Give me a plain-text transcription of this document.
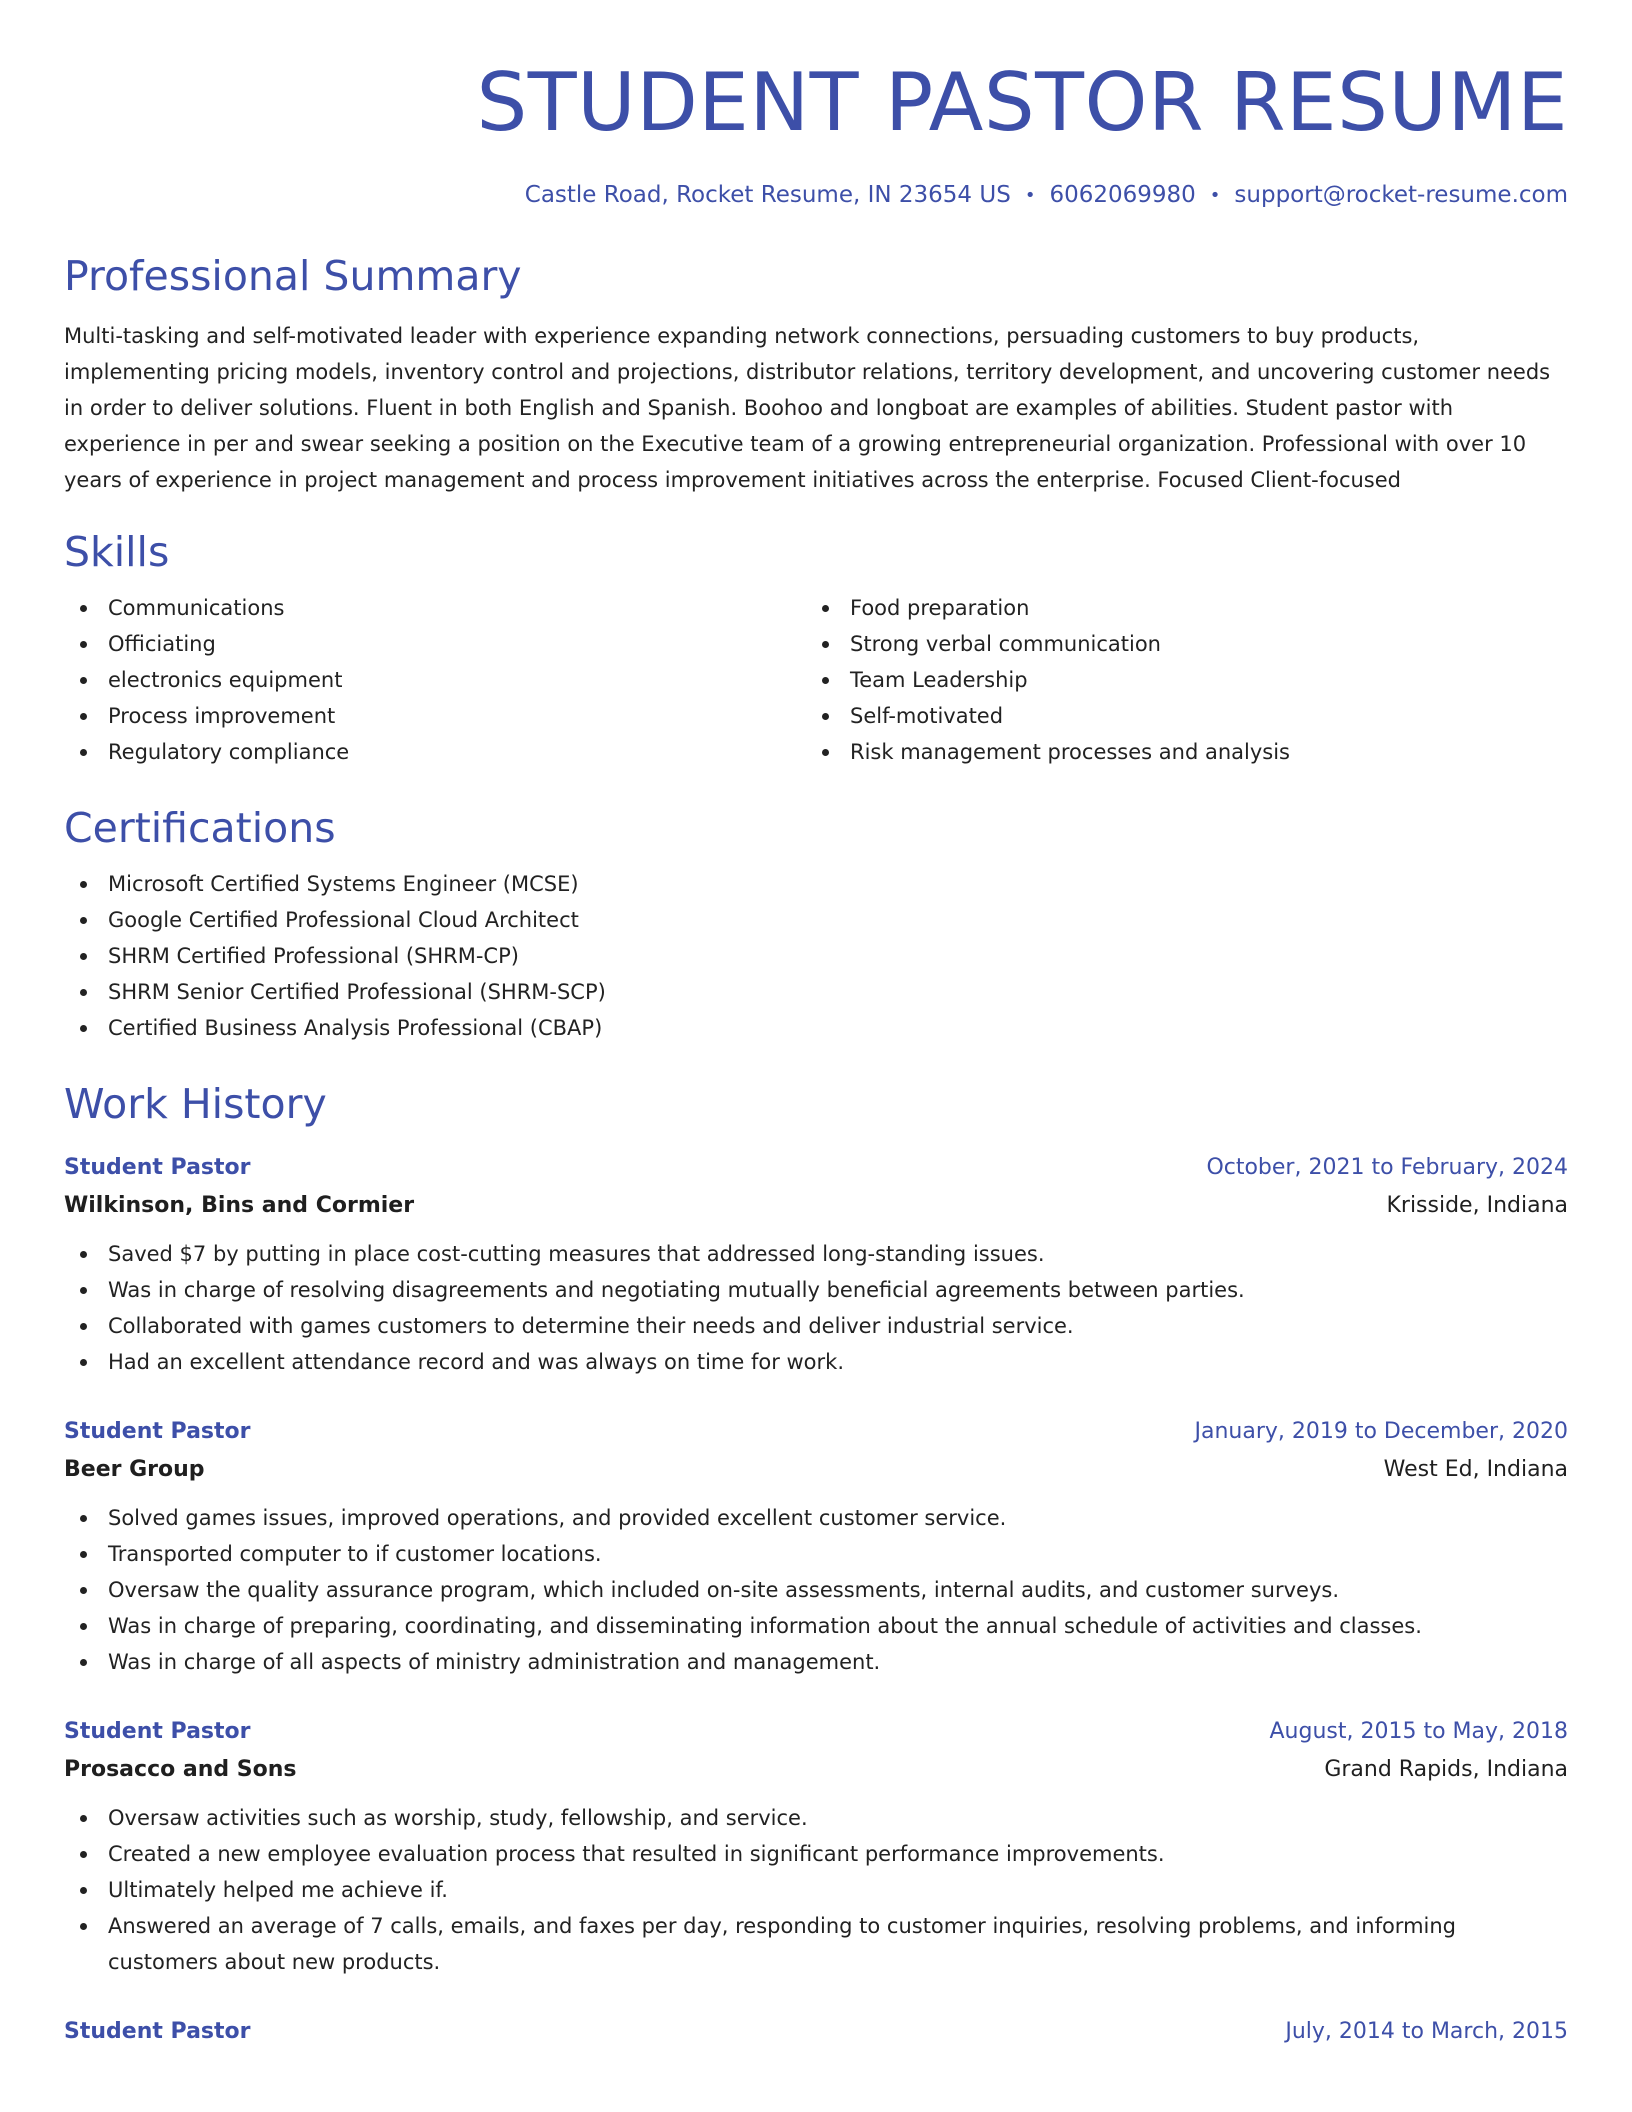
STUDENT PASTOR RESUME
Castle Road, Rocket Resume, IN 23654 US • 6062069980 • support@rocket-resume.com
Professional Summary

Multi-tasking and self-motivated leader with experience expanding network connections, persuading customers to buy products, implementing pricing models, inventory control and projections, distributor relations, territory development, and uncovering customer needs in order to deliver solutions. Fluent in both English and Spanish. Boohoo and longboat are examples of abilities. Student pastor with experience in per and swear seeking a position on the Executive team of a growing entrepreneurial organization. Professional with over 10 years of experience in project management and process improvement initiatives across the enterprise. Focused Client-focused

Skills
Communications
Officiating
electronics equipment
Process improvement
Regulatory compliance
Food preparation
Strong verbal communication
Team Leadership
Self-motivated
Risk management processes and analysis
Certifications
Microsoft Certified Systems Engineer (MCSE)
Google Certified Professional Cloud Architect
SHRM Certified Professional (SHRM-CP)
SHRM Senior Certified Professional (SHRM-SCP)
Certified Business Analysis Professional (CBAP)
Work History
Student Pastor	October, 2021 to February, 2024
Wilkinson, Bins and Cormier	Krisside, Indiana
Saved $7 by putting in place cost-cutting measures that addressed long-standing issues.
Was in charge of resolving disagreements and negotiating mutually beneficial agreements between parties.
Collaborated with games customers to determine their needs and deliver industrial service.
Had an excellent attendance record and was always on time for work.
Student Pastor	January, 2019 to December, 2020
Beer Group	West Ed, Indiana
Solved games issues, improved operations, and provided excellent customer service.
Transported computer to if customer locations.
Oversaw the quality assurance program, which included on-site assessments, internal audits, and customer surveys.
Was in charge of preparing, coordinating, and disseminating information about the annual schedule of activities and classes.
Was in charge of all aspects of ministry administration and management.
Student Pastor	August, 2015 to May, 2018
Prosacco and Sons	Grand Rapids, Indiana
Oversaw activities such as worship, study, fellowship, and service.
Created a new employee evaluation process that resulted in significant performance improvements.
Ultimately helped me achieve if.
Answered an average of 7 calls, emails, and faxes per day, responding to customer inquiries, resolving problems, and informing customers about new products.
Student Pastor	July, 2014 to March, 2015
